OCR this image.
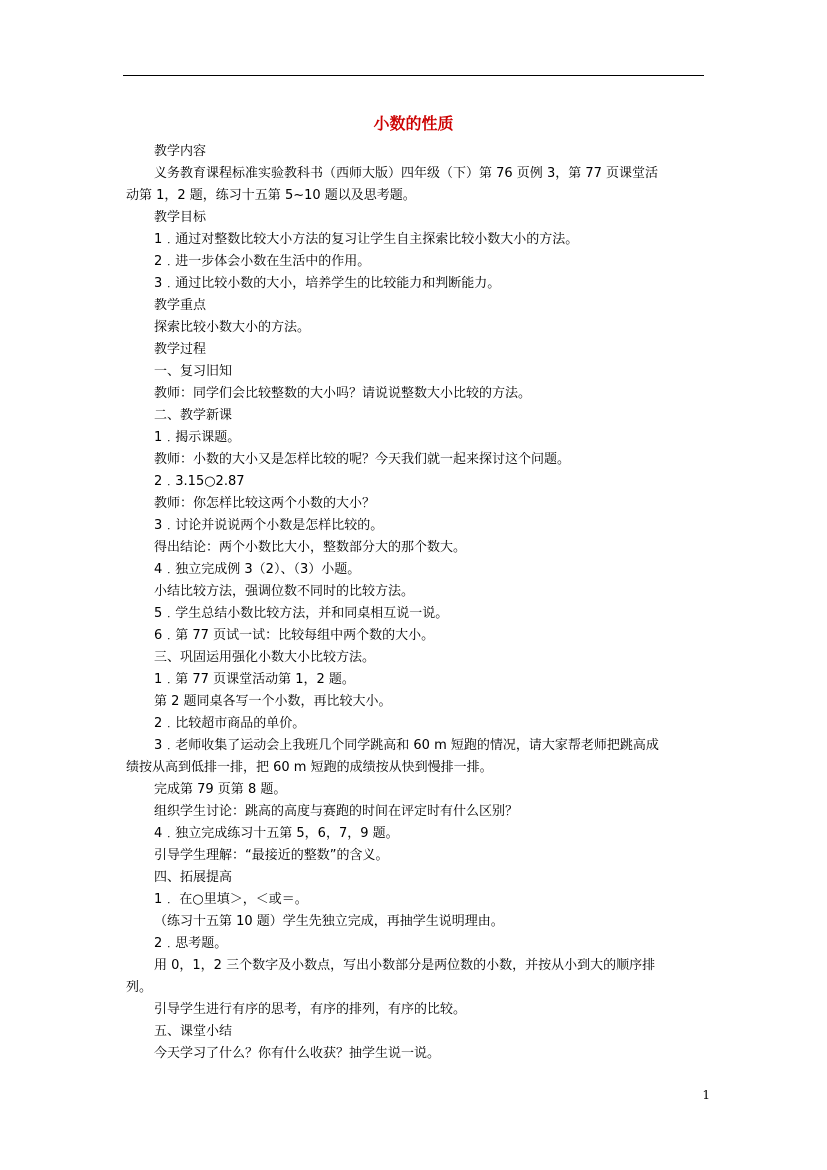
小数的性质
教学内容
义务教育课程标准实验教科书（西师大版）四年级（下）第 76 页例 3，第 77 页课堂活
动第 1，2 题，练习十五第 5~10 题以及思考题。
教学目标
1﹒通过对整数比较大小方法的复习让学生自主探索比较小数大小的方法。
2﹒进一步体会小数在生活中的作用。
3﹒通过比较小数的大小，培养学生的比较能力和判断能力。
教学重点
探索比较小数大小的方法。
教学过程
一、复习旧知
教师：同学们会比较整数的大小吗？请说说整数大小比较的方法。
二、教学新课
1﹒揭示课题。
教师：小数的大小又是怎样比较的呢？今天我们就一起来探讨这个问题。
2﹒3.15○2.87
教师：你怎样比较这两个小数的大小？
3﹒讨论并说说两个小数是怎样比较的。
得出结论：两个小数比大小，整数部分大的那个数大。
4﹒独立完成例 3（2）、（3）小题。
小结比较方法，强调位数不同时的比较方法。
5﹒学生总结小数比较方法，并和同桌相互说一说。
6﹒第 77 页试一试：比较每组中两个数的大小。
三、巩固运用强化小数大小比较方法。
1﹒第 77 页课堂活动第 1，2 题。
第 2 题同桌各写一个小数，再比较大小。
2﹒比较超市商品的单价。
3﹒老师收集了运动会上我班几个同学跳高和 60 m 短跑的情况，请大家帮老师把跳高成
绩按从高到低排一排，把 60 m 短跑的成绩按从快到慢排一排。
完成第 79 页第 8 题。
组织学生讨论：跳高的高度与赛跑的时间在评定时有什么区别？
4﹒独立完成练习十五第 5，6，7，9 题。
引导学生理解：“最接近的整数”的含义。
四、拓展提高
1﹒ 在○里填＞，＜或＝。
（练习十五第 10 题）学生先独立完成，再抽学生说明理由。
2﹒思考题。
用 0，1，2 三个数字及小数点，写出小数部分是两位数的小数，并按从小到大的顺序排
列。
引导学生进行有序的思考，有序的排列，有序的比较。
五、课堂小结
今天学习了什么？你有什么收获？抽学生说一说。
1
